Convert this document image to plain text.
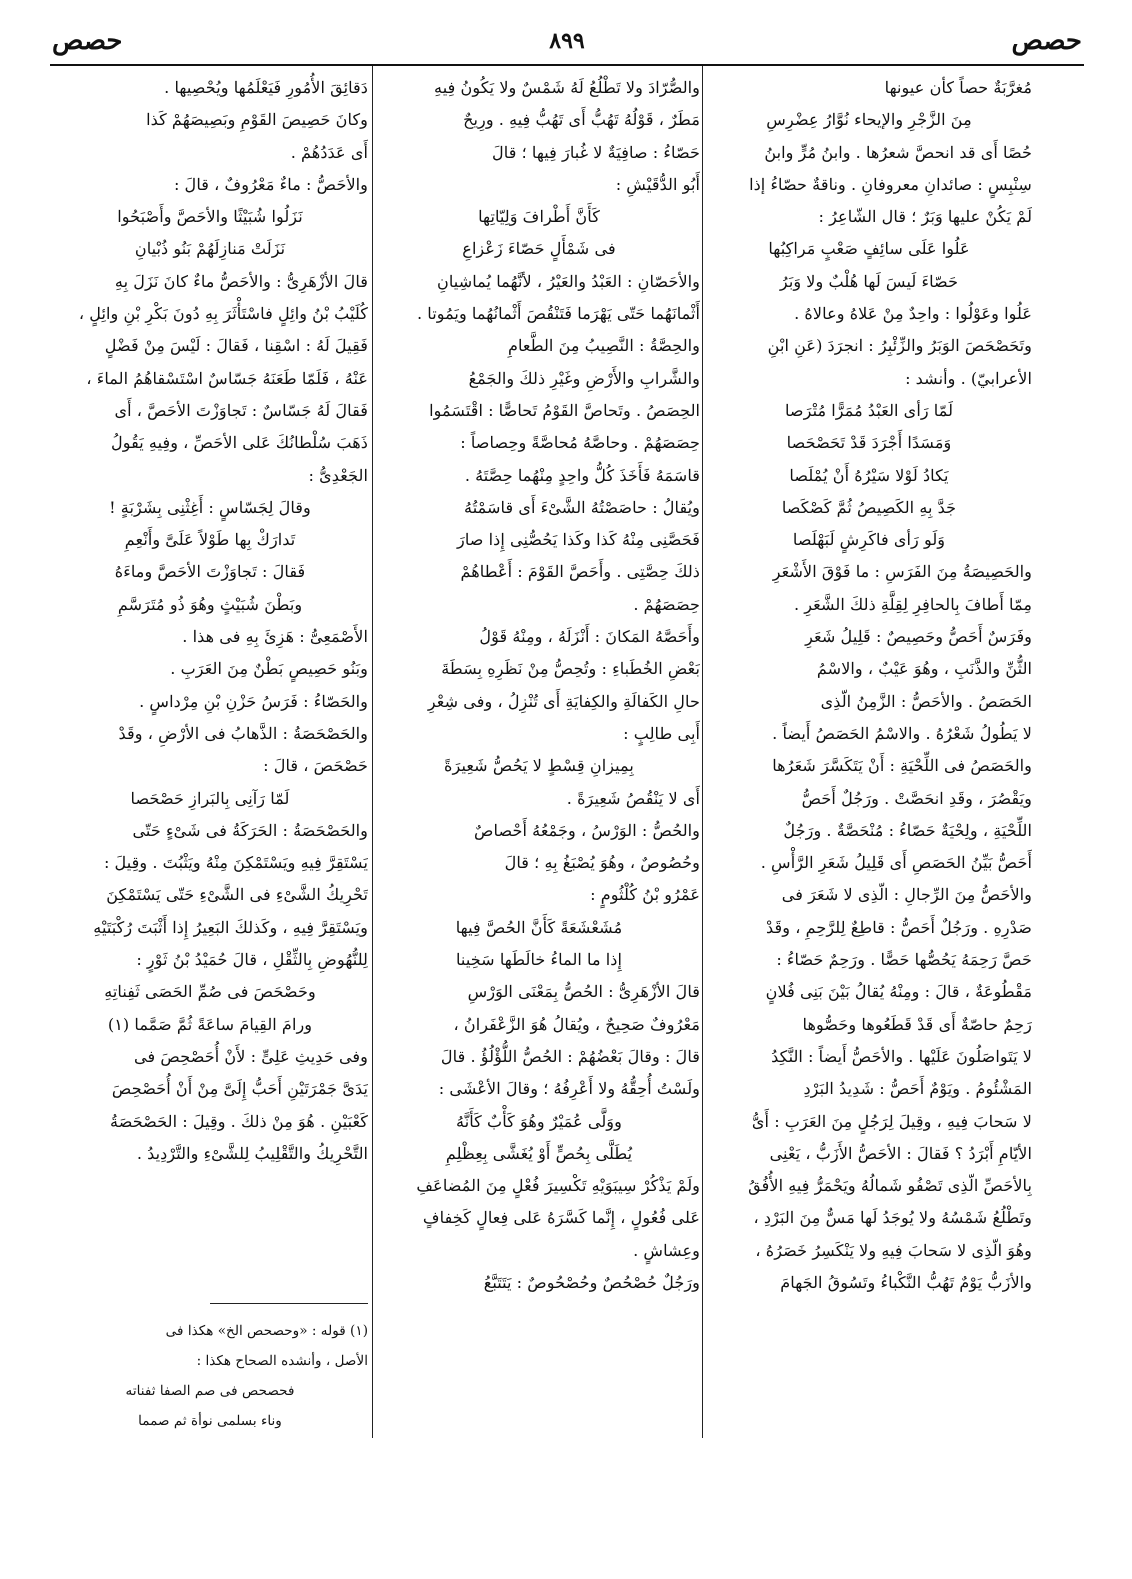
حصص
٨٩٩
حصص

مُغرَّبَةٌ حصاً كأن عيونها

مِنَ الزَّجْرِ والإيحاء نُوَّارُ عِضْرِسِ

حُصًا أَى قد انحصَّ شعرُها . وابنُ مُرٍّ وابنُ

سِنْبِسٍ : صائدانِ معروفانِ . وناقةٌ حصّاءُ إذا

لَمْ يَكُنْ عليها وَبَرٌ ؛ قال الشّاعِرُ :

عَلُوا عَلَى سائِفٍ صَعْبٍ مَراكِبُها

حَصّاءَ لَيسَ لَها هُلْبٌ ولا وَبَرُ

عَلُوا وعَوْلُوا : واحِدٌ مِنْ عَلاهُ وعالاهُ .

وتَحَصْحَصَ الوَبَرُ والزِّئْبِرُ : انجرَدَ (عَنِ ابْنِ

الأعرابيّ) . وأنشد :

لَمّا رَأى العَبْدُ مُمَرًّا مُتْرَصا

وَمَسَدًا أَجْرَدَ قَدْ تَحَصْحَصا

يَكادُ لَوْلا سَيْرُهُ أَنْ يُمْلَصا

جَدَّ بِهِ الكَصِيصُ ثُمَّ كَصْكَصا

وَلَو رَأى فاكَرِشٍ لَبَهْلَصا

والحَصِيصَةُ مِنَ الفَرَسِ : ما فَوْقَ الأَشْعَرِ

مِمّا أَطافَ بِالحافِرِ لِقِلَّةِ ذلكَ الشَّعَرِ .

وفَرَسٌ أَحَصُّ وحَصِيصٌ : قَلِيلُ شَعَرِ

الثُّنِّ والذَّنَبِ ، وهُوَ عَيْبٌ ، والاسْمُ

الحَصَصُ . والأحَصُّ : الزَّمِنُ الّذِى

لا يَطُولُ شَعْرُهُ . والاسْمُ الحَصَصُ أَيضاً .

والحَصَصُ فى اللِّحْيَةِ : أَنْ يَتَكَسَّرَ شَعَرُها

ويَقْصُرَ ، وقَدِ انحَصَّتْ . ورَجُلٌ أَحَصُّ

اللِّحْيَةِ ، ولِحْيَةٌ حَصّاءُ : مُنْحَصَّةٌ . ورَجُلٌ

أَحَصُّ بَيِّنُ الحَصَصِ أَى قَلِيلُ شَعَرِ الرَّأْسِ .

والأحَصُّ مِنَ الرِّجالِ : الّذِى لا شَعَرَ فى

صَدْرِهِ . ورَجُلٌ أَحَصُّ : قاطِعٌ لِلرَّحِمِ ، وقَدْ

حَصَّ رَحِمَهُ يَحُصُّها حَصًّا . ورَحِمٌ حَصّاءُ :

مَقْطُوعَةٌ ، قالَ : ومِنْهُ يُقالُ بَيْنَ بَنِى فُلانٍ

رَحِمٌ حاصّةٌ أَى قَدْ قَطَعُوها وحَصُّوها

لا يَتَواصَلُونَ عَلَيْها . والأحَصُّ أَيضاً : النَّكِدُ

المَشْئُومُ . ويَوْمٌ أَحَصُّ : شَدِيدُ البَرْدِ

لا سَحابَ فِيهِ ، وقِيلَ لِرَجُلٍ مِنَ العَرَبِ : أَىُّ

الأيّامِ أَبْرَدُ ؟ فَقالَ : الأحَصُّ الأَزَبُّ ، يَعْنِى

بِالأحَصِّ الّذِى تَصْفُو شَمالُهُ ويَحْمَرُّ فِيهِ الأُفُقُ

وتَطْلُعُ شَمْسُهُ ولا يُوجَدُ لَها مَسٌّ مِنَ البَرْدِ ،

وهُوَ الّذِى لا سَحابَ فِيهِ ولا يَنْكَسِرُ خَصَرُهُ ،

والأزَبُّ يَوْمٌ تَهُبُّ النَّكْباءُ وتَسُوقُ الجَهامَ

والصُّرّادَ ولا تَطْلُعُ لَهُ شَمْسٌ ولا يَكُونُ فِيهِ

مَطَرٌ ، قَوْلُهُ تَهُبُّ أَى تَهُبُّ فِيهِ . ورِيحٌ

حَصّاءُ : صافِيَةٌ لا غُبارَ فِيها ؛ قالَ

أَبُو الدُّقَيْشِ :

كَأَنَّ أَطْرافَ وَلِيّاتِها

فى شَمْأَلٍ حَصّاءَ زَعْزاعِ

والأحَصّانِ : العَبْدُ والعَيْرُ ، لأنَّهُما يُماشِيانِ

أَثْمانَهُما حَتّى يَهْرَما فَتَنْقُصَ أَثْمانُهُما ويَمُوتا .

والحِصَّةُ : النَّصِيبُ مِنَ الطَّعامِ

والشَّرابِ والأَرْضِ وغَيْرِ ذلكَ والجَمْعُ

الحِصَصُ . وتَحاصَّ القَوْمُ تَحاصًّا : اقْتَسَمُوا

حِصَصَهُمْ . وحاصَّهُ مُحاصَّةً وحِصاصاً :

قاسَمَهُ فَأَخَذَ كُلُّ واحِدٍ مِنْهُما حِصَّتَهُ .

ويُقالُ : حاصَصْتُهُ الشَّىْءَ أَى قاسَمْتُهُ

فَحَصَّنِى مِنْهُ كَذا وكَذا يَحُصُّنِى إِذا صارَ

ذلكَ حِصَّتِى . وأَحَصَّ القَوْمَ : أَعْطاهُمْ

حِصَصَهُمْ .

وأَحَصَّهُ المَكانَ : أَنْزَلَهُ ، ومِنْهُ قَوْلُ

بَعْضِ الخُطَباءِ : وتُحِصُّ مِنْ نَظَرِهِ بِسَطَةَ

حالِ الكَفالَةِ والكِفايَةِ أَى تُنْزِلُ ، وفى شِعْرِ

أَبِى طالِبٍ :

بِمِيزانِ قِسْطٍ لا يَحُصُّ شَعِيرَةً

أَى لا يَنْقُصُ شَعِيرَةً .

والحُصُّ : الوَرْسُ ، وجَمْعُهُ أَحْصاصٌ

وحُصُوصٌ ، وهُوَ يُصْبَغُ بِهِ ؛ قالَ

عَمْرُو بْنُ كُلْثُومٍ :

مُشَعْشَعَةً كَأَنَّ الحُصَّ فِيها

إِذا ما الماءُ خالَطَها سَخِينا

قالَ الأزْهَرِىُّ : الحُصُّ بِمَعْنَى الوَرْسِ

مَعْرُوفٌ صَحِيحٌ ، ويُقالُ هُوَ الزَّعْفَرانُ ،

قالَ : وقالَ بَعْضُهُمْ : الحُصُّ اللُّؤْلُؤُ . قالَ

ولَسْتُ أُحِقُّهُ ولا أَعْرِفُهُ ؛ وقالَ الأعْشَى :

ووَلَّى عُمَيْرٌ وهُوَ كَأْبٌ كَأَنَّهُ

يُطَلَّى بِحُصٍّ أَوْ يُغَشَّى بِعِظْلِمِ

ولَمْ يَذْكُرْ سِيبَوَيْهِ تَكْسِيرَ فُعْلٍ مِنَ المُضاعَفِ

عَلى فُعُولٍ ، إِنَّما كَسَّرَهُ عَلى فِعالٍ كَخِفافٍ

وعِشاشٍ .

ورَجُلٌ حُصْحُصٌ وحُصْحُوصٌ : يَتَتَبَّعُ

دَقائِقَ الأُمُورِ فَيَعْلَمُها ويُحْصِيها .

وكانَ حَصِيصَ القَوْمِ وبَصِيصَهُمْ كَذا

أَى عَدَدُهُمْ .

والأحَصُّ : ماءٌ مَعْرُوفٌ ، قالَ :

نَزَلُوا شُبَيْثًا والأحَصَّ وأَصْبَحُوا

نَزَلَتْ مَنازِلَهُمْ بَنُو ذُبْيانِ

قالَ الأزْهَرِىُّ : والأحَصُّ ماءٌ كانَ نَزَلَ بِهِ

كُلَيْبُ بْنُ وائِلٍ فاسْتَأْثَرَ بِهِ دُونَ بَكْرِ بْنِ وائِلٍ ،

فَقِيلَ لَهُ : اسْقِنا ، فَقالَ : لَيْسَ مِنْ فَضْلٍ

عَنْهُ ، فَلَمّا طَعَنَهُ جَسّاسٌ اسْتَسْقاهُمُ الماءَ ،

فَقالَ لَهُ جَسّاسٌ : تَجاوَزْتَ الأحَصَّ ، أَى

ذَهَبَ سُلْطانُكَ عَلى الأحَصِّ ، وفِيهِ يَقُولُ

الجَعْدِىُّ :

وقالَ لِجَسّاسٍ : أَغِثْنِى بِشَرْبَةٍ !

تَدارَكْ بِها طَوْلاً عَلَىَّ وأَنْعِمِ

فَقالَ : تَجاوَزْتَ الأحَصَّ وماءَهُ

وبَطْنَ شُبَيْثٍ وهُوَ ذُو مُتَرَسَّمِ

الأَصْمَعِىُّ : هَزِئَ بِهِ فى هذا .

وبَنُو حَصِيصٍ بَطْنٌ مِنَ العَرَبِ .

والحَصّاءُ : فَرَسُ حَزْنِ بْنِ مِرْداسٍ .

والحَصْحَصَةُ : الذَّهابُ فى الأرْضِ ، وقَدْ

حَصْحَصَ ، قالَ :

لَمّا رَآنِى بِالبَرازِ حَصْحَصا

والحَصْحَصَةُ : الحَرَكَةُ فى شَىْءٍ حَتّى

يَسْتَقِرَّ فِيهِ ويَسْتَمْكِنَ مِنْهُ ويَثْبُتَ . وقِيلَ :

تَحْرِيكُ الشَّىْءِ فى الشَّىْءِ حَتّى يَسْتَمْكِنَ

ويَسْتَقِرَّ فِيهِ ، وكَذلكَ البَعِيرُ إِذا أَثْبَتَ رُكْبَتَيْهِ

لِلنُّهُوضِ بِالثِّقْلِ ، قالَ حُمَيْدُ بْنُ ثَوْرٍ :

وحَصْحَصَ فى صُمِّ الحَصَى ثَفِناتِهِ

ورامَ القِيامَ ساعَةً ثُمَّ صَمَّما (١)

وفى حَدِيثِ عَلِىٍّ : لأَنْ أُحَصْحِصَ فى

يَدَىَّ جَمْرَتَيْنِ أَحَبُّ إِلَىَّ مِنْ أَنْ أُحَصْحِصَ

كَعْبَيْنِ . هُوَ مِنْ ذلكَ . وقِيلَ : الحَصْحَصَةُ

التَّحْرِيكُ والتَّقْلِيبُ لِلشَّىْءِ والتَّرْدِيدُ .

(١) قوله : «وحصحص الخ» هكذا فى

الأصل ، وأنشده الصحاح هكذا :

فحصحص فى صم الصفا ثفناته

وناء بسلمى نوأة ثم صمما
